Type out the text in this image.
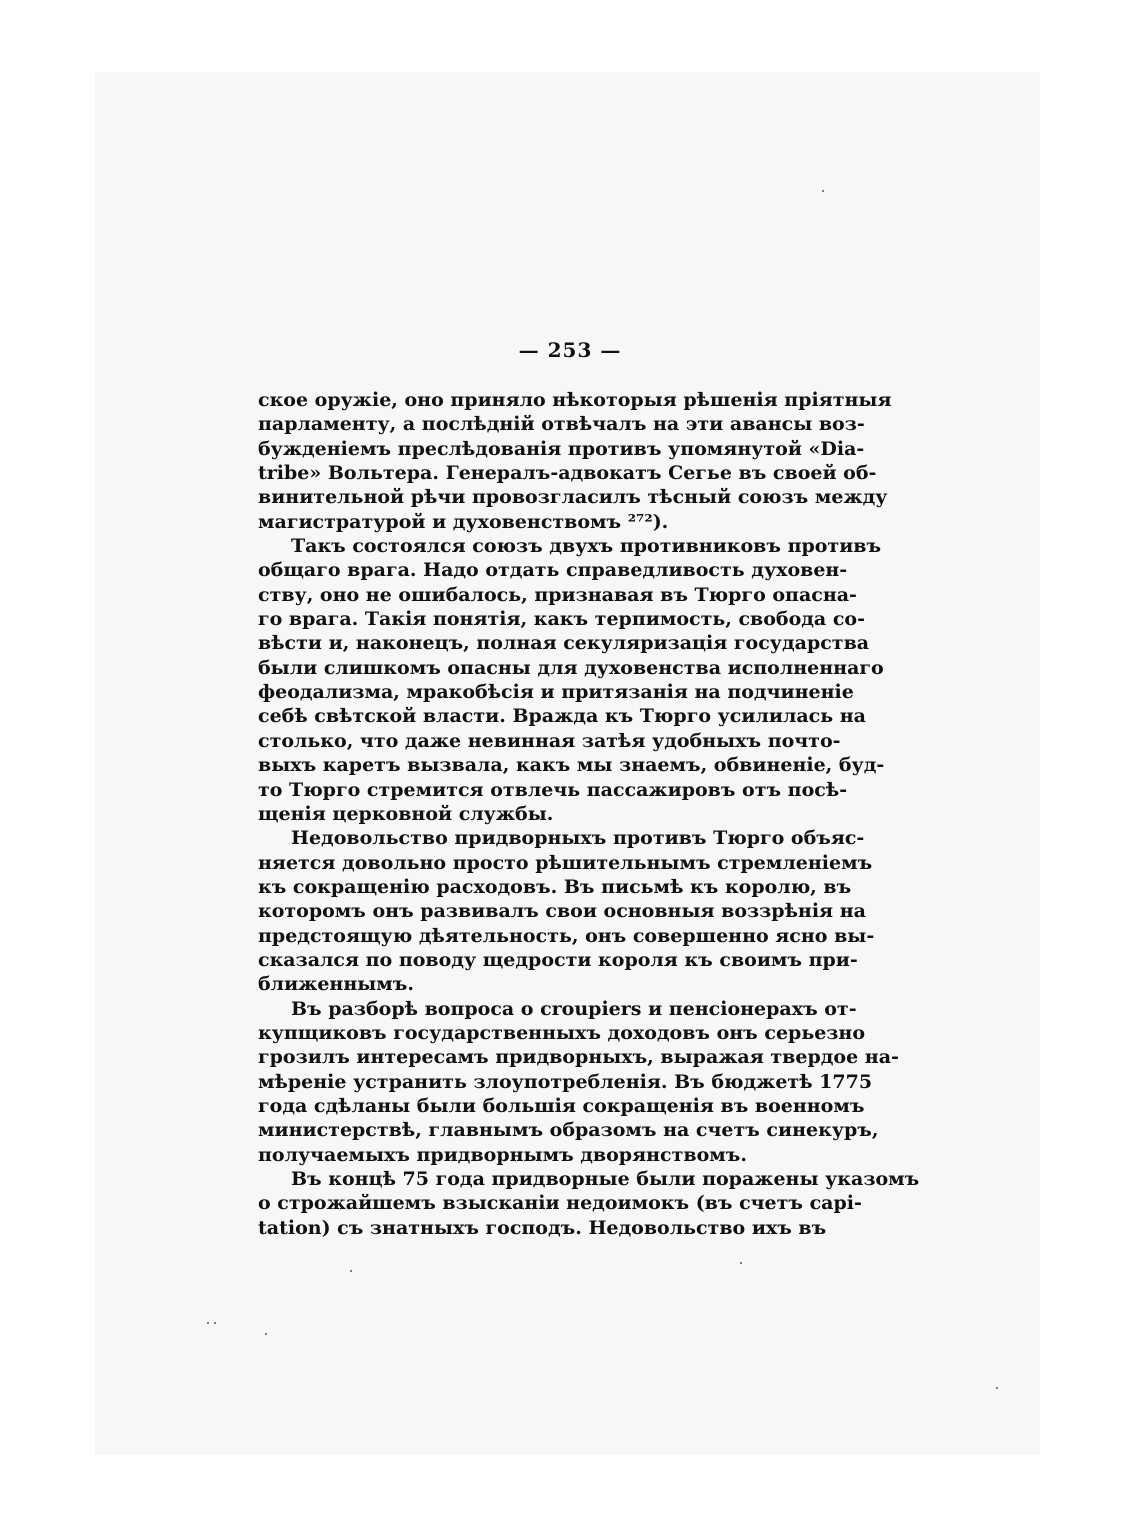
— 253 —
ское оружіе, оно приняло нѣкоторыя рѣшенія пріятныя
парламенту, а послѣдній отвѣчалъ на эти авансы воз-
бужденіемъ преслѣдованія противъ упомянутой «Dia-
tribe» Вольтера. Генералъ-адвокатъ Сегье въ своей об-
винительной рѣчи провозгласилъ тѣсный союзъ между
магистратурой и духовенствомъ ²⁷²).
Такъ состоялся союзъ двухъ противниковъ противъ
общаго врага. Надо отдать справедливость духовен-
ству, оно не ошибалось, признавая въ Тюрго опасна-
го врага. Такія понятія, какъ терпимость, свобода со-
вѣсти и, наконецъ, полная секуляризація государства
были слишкомъ опасны для духовенства исполненнаго
феодализма, мракобѣсія и притязанія на подчиненіе
себѣ свѣтской власти. Вражда къ Тюрго усилилась на
столько, что даже невинная затѣя удобныхъ почто-
выхъ каретъ вызвала, какъ мы знаемъ, обвиненіе, буд-
то Тюрго стремится отвлечь пассажировъ отъ посѣ-
щенія церковной службы.
Недовольство придворныхъ противъ Тюрго объяс-
няется довольно просто рѣшительнымъ стремленіемъ
къ сокращенію расходовъ. Въ письмѣ къ королю, въ
которомъ онъ развивалъ свои основныя воззрѣнія на
предстоящую дѣятельность, онъ совершенно ясно вы-
сказался по поводу щедрости короля къ своимъ при-
ближеннымъ.
Въ разборѣ вопроса о croupiers и пенсіонерахъ от-
купщиковъ государственныхъ доходовъ онъ серьезно
грозилъ интересамъ придворныхъ, выражая твердое на-
мѣреніе устранить злоупотребленія. Въ бюджетѣ 1775
года сдѣланы были большія сокращенія въ военномъ
министерствѣ, главнымъ образомъ на счетъ синекуръ,
получаемыхъ придворнымъ дворянствомъ.
Въ концѣ 75 года придворные были поражены указомъ
о строжайшемъ взысканіи недоимокъ (въ счетъ capi-
tation) съ знатныхъ господъ. Недовольство ихъ въ
